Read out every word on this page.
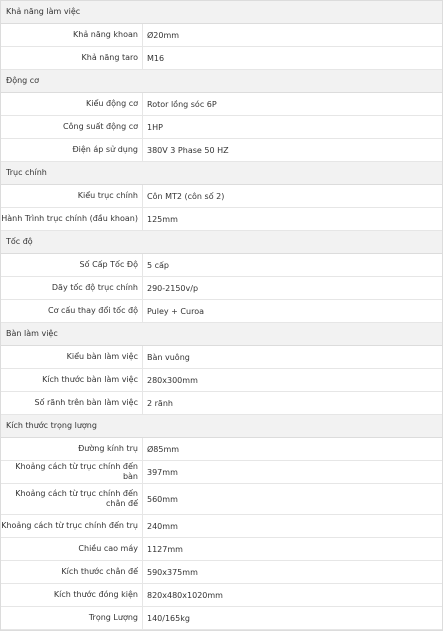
Khả năng làm việc
Khả năng khoan	Ø20mm
Khả năng taro	M16
Động cơ
Kiểu động cơ	Rotor lồng sóc 6P
Công suất động cơ	1HP
Điện áp sử dụng	380V 3 Phase 50 HZ
Trục chính
Kiểu trục chính	Côn MT2 (côn số 2)
Hành Trình trục chính (đầu khoan)	125mm
Tốc độ
Số Cấp Tốc Độ	5 cấp
Dãy tốc độ trục chính	290-2150v/p
Cơ cấu thay đổi tốc độ	Puley + Curoa
Bàn làm việc
Kiểu bàn làm việc	Bàn vuông
Kích thước bàn làm việc	280x300mm
Số rãnh trên bàn làm việc	2 rãnh
Kích thước trọng lượng
Đường kính trụ	Ø85mm
Khoảng cách từ trục chính đến bàn	397mm
Khoảng cách từ trục chính đến chân đế	560mm
Khoảng cách từ trục chính đến trụ	240mm
Chiều cao máy	1127mm
Kích thước chân đế	590x375mm
Kích thước đóng kiện	820x480x1020mm
Trọng Lượng	140/165kg
